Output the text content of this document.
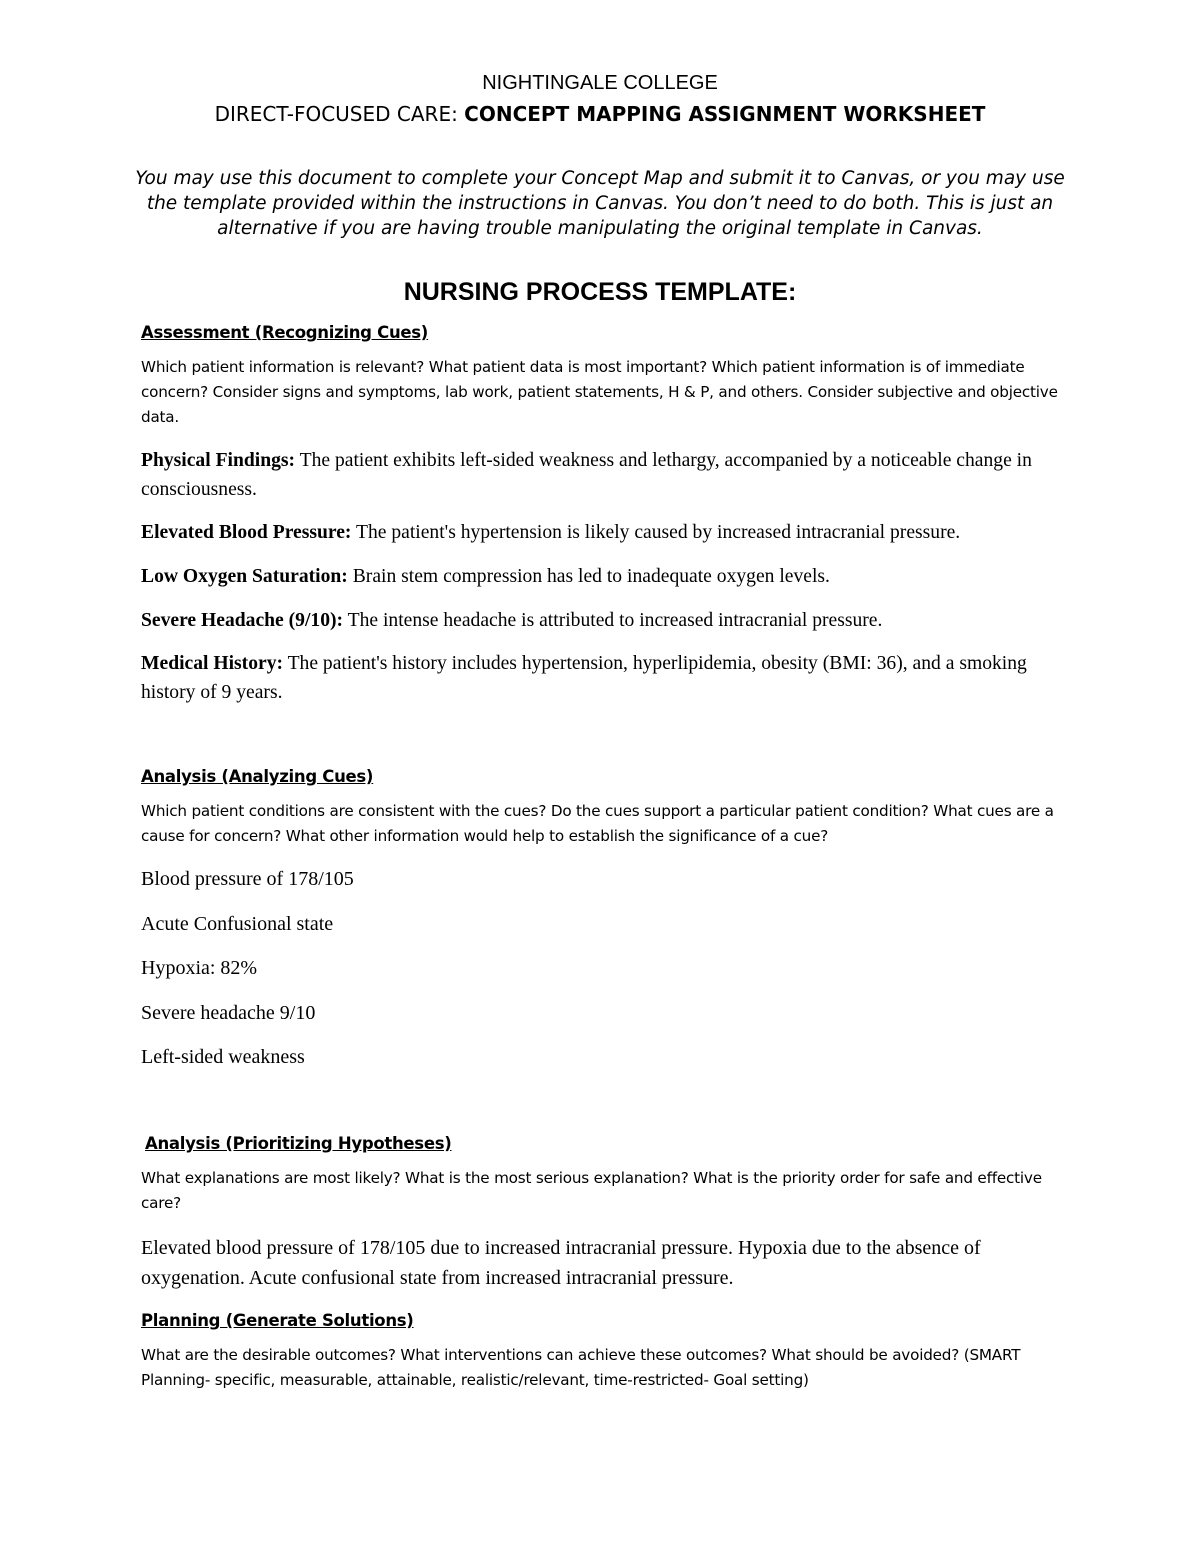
NIGHTINGALE COLLEGE
DIRECT-FOCUSED CARE: CONCEPT MAPPING ASSIGNMENT WORKSHEET
You may use this document to complete your Concept Map and submit it to Canvas, or you may use the template provided within the instructions in Canvas. You don’t need to do both. This is just an alternative if you are having trouble manipulating the original template in Canvas.
NURSING PROCESS TEMPLATE:
Assessment (Recognizing Cues)
Which patient information is relevant? What patient data is most important? Which patient information is of immediate concern? Consider signs and symptoms, lab work, patient statements, H & P, and others. Consider subjective and objective data.
Physical Findings: The patient exhibits left-sided weakness and lethargy, accompanied by a noticeable change in consciousness.
Elevated Blood Pressure: The patient's hypertension is likely caused by increased intracranial pressure.
Low Oxygen Saturation: Brain stem compression has led to inadequate oxygen levels.
Severe Headache (9/10): The intense headache is attributed to increased intracranial pressure.
Medical History: The patient's history includes hypertension, hyperlipidemia, obesity (BMI: 36), and a smoking history of 9 years.
Analysis (Analyzing Cues)
Which patient conditions are consistent with the cues? Do the cues support a particular patient condition? What cues are a cause for concern? What other information would help to establish the significance of a cue?
Blood pressure of 178/105
Acute Confusional state
Hypoxia: 82%
Severe headache 9/10
Left-sided weakness
Analysis (Prioritizing Hypotheses)
What explanations are most likely? What is the most serious explanation? What is the priority order for safe and effective care?
Elevated blood pressure of 178/105 due to increased intracranial pressure. Hypoxia due to the absence of oxygenation. Acute confusional state from increased intracranial pressure.
Planning (Generate Solutions)
What are the desirable outcomes? What interventions can achieve these outcomes? What should be avoided? (SMART Planning- specific, measurable, attainable, realistic/relevant, time-restricted- Goal setting)
